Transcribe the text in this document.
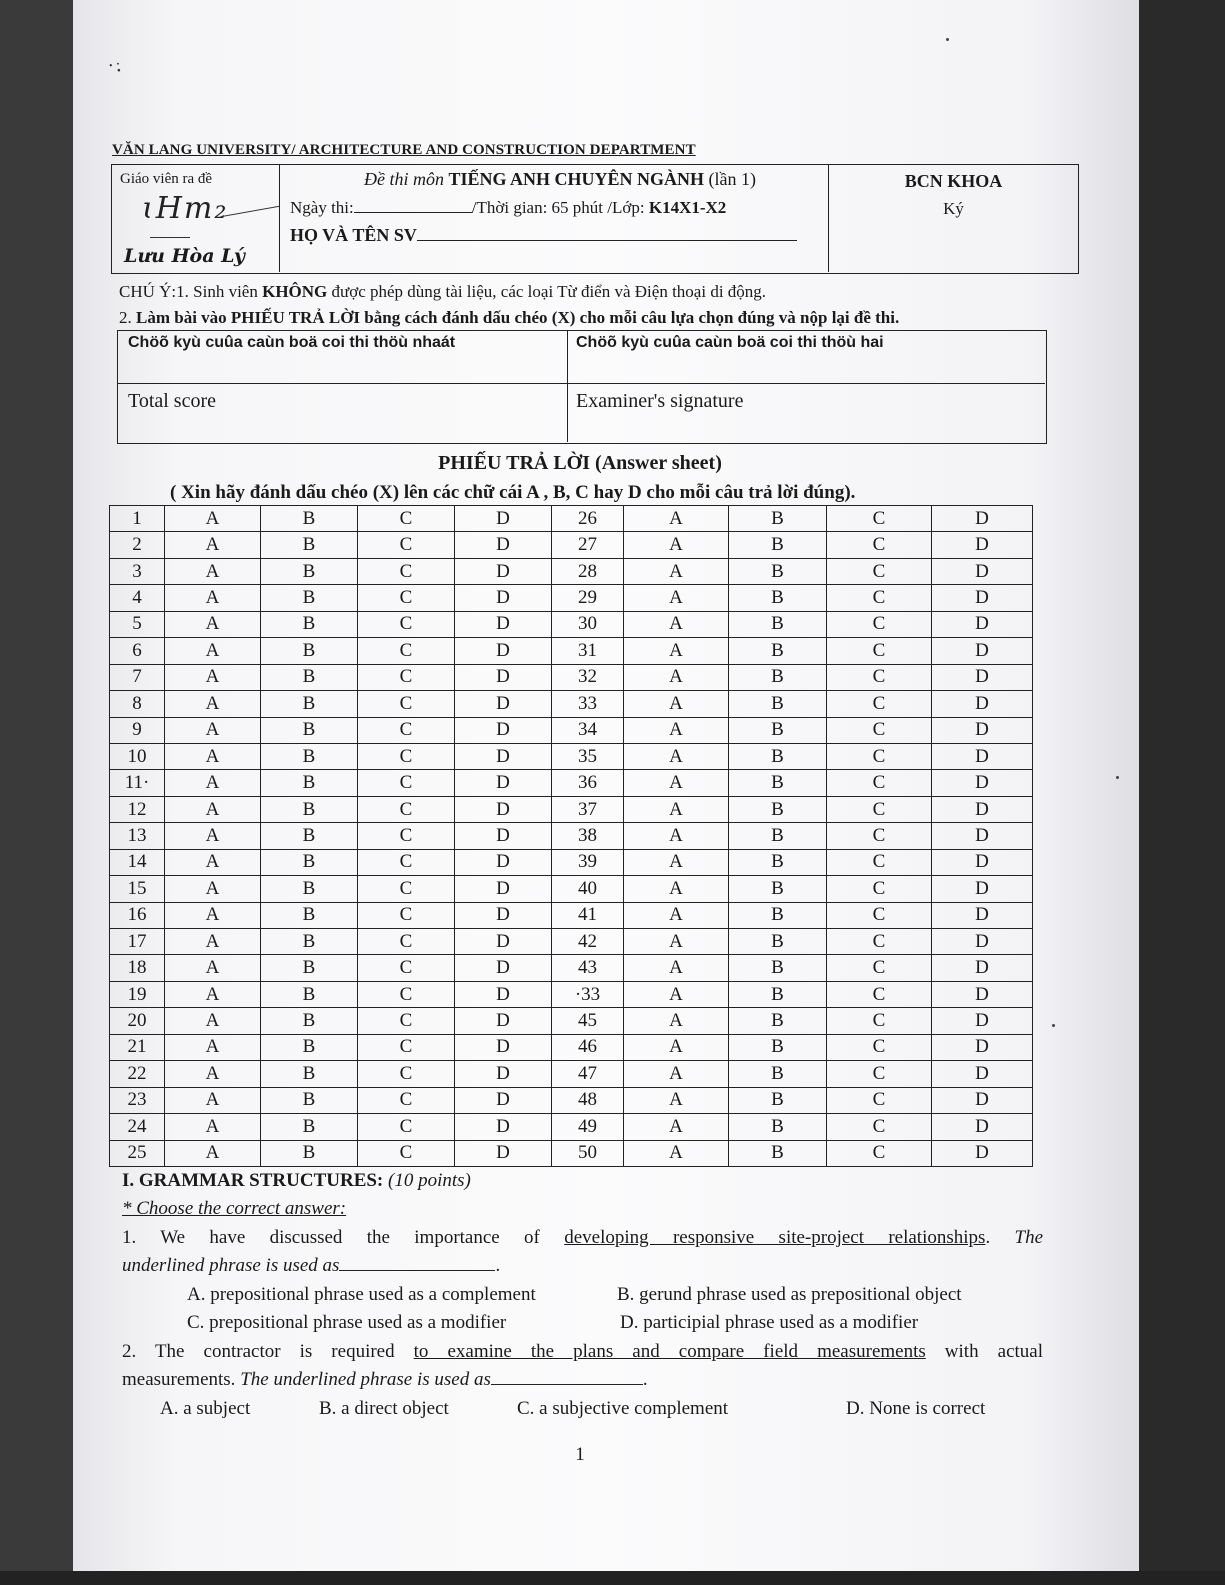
˙͘·
VĂN LANG UNIVERSITY/ ARCHITECTURE AND CONSTRUCTION DEPARTMENT
Giáo viên ra đề
ɩHm₂
Lưu Hòa Lý
Đề thi môn TIẾNG ANH CHUYÊN NGÀNH (lần 1)
Ngày thi:	/Thời gian: 65 phút /Lớp: K14X1-X2
HỌ VÀ TÊN SV
BCN KHOA
Ký
CHÚ Ý:1. Sinh viên KHÔNG được phép dùng tài liệu, các loại Từ điển và Điện thoại di động.
2. Làm bài vào PHIẾU TRẢ LỜI bằng cách đánh dấu chéo (X) cho mỗi câu lựa chọn đúng và nộp lại đề thi.
Chöõ kyù cuûa caùn boä coi thi thöù nhaát	Chöõ kyù cuûa caùn boä coi thi thöù hai
Total score	Examiner's signature
PHIẾU TRẢ LỜI (Answer sheet)
( Xin hãy đánh dấu chéo (X) lên các chữ cái A , B, C hay D cho mỗi câu trả lời đúng).
1	A	B	C	D	26	A	B	C	D
2	A	B	C	D	27	A	B	C	D
3	A	B	C	D	28	A	B	C	D
4	A	B	C	D	29	A	B	C	D
5	A	B	C	D	30	A	B	C	D
6	A	B	C	D	31	A	B	C	D
7	A	B	C	D	32	A	B	C	D
8	A	B	C	D	33	A	B	C	D
9	A	B	C	D	34	A	B	C	D
10	A	B	C	D	35	A	B	C	D
11·	A	B	C	D	36	A	B	C	D
12	A	B	C	D	37	A	B	C	D
13	A	B	C	D	38	A	B	C	D
14	A	B	C	D	39	A	B	C	D
15	A	B	C	D	40	A	B	C	D
16	A	B	C	D	41	A	B	C	D
17	A	B	C	D	42	A	B	C	D
18	A	B	C	D	43	A	B	C	D
19	A	B	C	D	·33	A	B	C	D
20	A	B	C	D	45	A	B	C	D
21	A	B	C	D	46	A	B	C	D
22	A	B	C	D	47	A	B	C	D
23	A	B	C	D	48	A	B	C	D
24	A	B	C	D	49	A	B	C	D
25	A	B	C	D	50	A	B	C	D
I. GRAMMAR STRUCTURES: (10 points)
* Choose the correct answer:
1. We have discussed the importance of developing responsive site-project relationships. The
underlined phrase is used as	.
A. prepositional phrase used as a complement	B. gerund phrase used as prepositional object
C. prepositional phrase used as a modifier	D. participial phrase used as a modifier
2. The contractor is required to examine the plans and compare field measurements with actual
measurements. The underlined phrase is used as	.
A. a subject	B. a direct object	C. a subjective complement	D. None is correct
1
